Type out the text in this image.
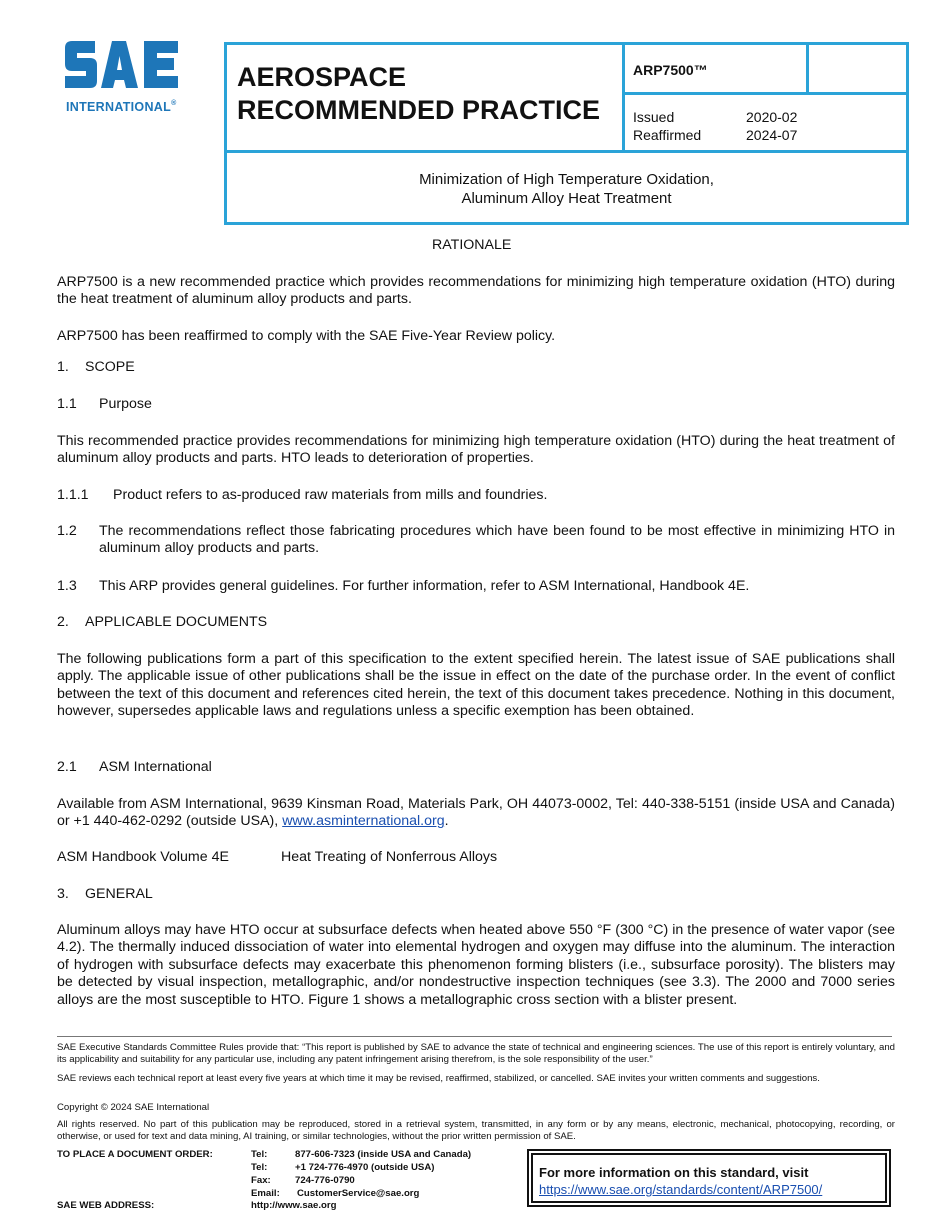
INTERNATIONAL®
AEROSPACE
RECOMMENDED PRACTICE
ARP7500™
Issued	2020-02
Reaffirmed	2024-07
Minimization of High Temperature Oxidation,
Aluminum Alloy Heat Treatment
RATIONALE
ARP7500 is a new recommended practice which provides recommendations for minimizing high temperature oxidation (HTO) during the heat treatment of aluminum alloy products and parts.
ARP7500 has been reaffirmed to comply with the SAE Five-Year Review policy.
1. SCOPE
1.1 Purpose
This recommended practice provides recommendations for minimizing high temperature oxidation (HTO) during the heat treatment of aluminum alloy products and parts. HTO leads to deterioration of properties.
1.1.1 Product refers to as-produced raw materials from mills and foundries.
1.2 The recommendations reflect those fabricating procedures which have been found to be most effective in minimizing HTO in aluminum alloy products and parts.
1.3 This ARP provides general guidelines. For further information, refer to ASM International, Handbook 4E.
2. APPLICABLE DOCUMENTS
The following publications form a part of this specification to the extent specified herein. The latest issue of SAE publications shall apply. The applicable issue of other publications shall be the issue in effect on the date of the purchase order. In the event of conflict between the text of this document and references cited herein, the text of this document takes precedence. Nothing in this document, however, supersedes applicable laws and regulations unless a specific exemption has been obtained.
2.1 ASM International
Available from ASM International, 9639 Kinsman Road, Materials Park, OH 44073-0002, Tel: 440-338-5151 (inside USA and Canada) or +1 440-462-0292 (outside USA), www.asminternational.org.
ASM Handbook Volume 4E	Heat Treating of Nonferrous Alloys
3. GENERAL
Aluminum alloys may have HTO occur at subsurface defects when heated above 550 °F (300 °C) in the presence of water vapor (see 4.2). The thermally induced dissociation of water into elemental hydrogen and oxygen may diffuse into the aluminum. The interaction of hydrogen with subsurface defects may exacerbate this phenomenon forming blisters (i.e., subsurface porosity). The blisters may be detected by visual inspection, metallographic, and/or nondestructive inspection techniques (see 3.3). The 2000 and 7000 series alloys are the most susceptible to HTO. Figure 1 shows a metallographic cross section with a blister present.
SAE Executive Standards Committee Rules provide that: “This report is published by SAE to advance the state of technical and engineering sciences. The use of this report is entirely voluntary, and its applicability and suitability for any particular use, including any patent infringement arising therefrom, is the sole responsibility of the user.”
SAE reviews each technical report at least every five years at which time it may be revised, reaffirmed, stabilized, or cancelled. SAE invites your written comments and suggestions.
Copyright © 2024 SAE International
All rights reserved. No part of this publication may be reproduced, stored in a retrieval system, transmitted, in any form or by any means, electronic, mechanical, photocopying, recording, or otherwise, or used for text and data mining, AI training, or similar technologies, without the prior written permission of SAE.
TO PLACE A DOCUMENT ORDER:	Tel:	877-606-7323 (inside USA and Canada)
Tel:	+1 724-776-4970 (outside USA)
Fax:	724-776-0790
Email: CustomerService@sae.org
SAE WEB ADDRESS:	http://www.sae.org
For more information on this standard, visit
https://www.sae.org/standards/content/ARP7500/
